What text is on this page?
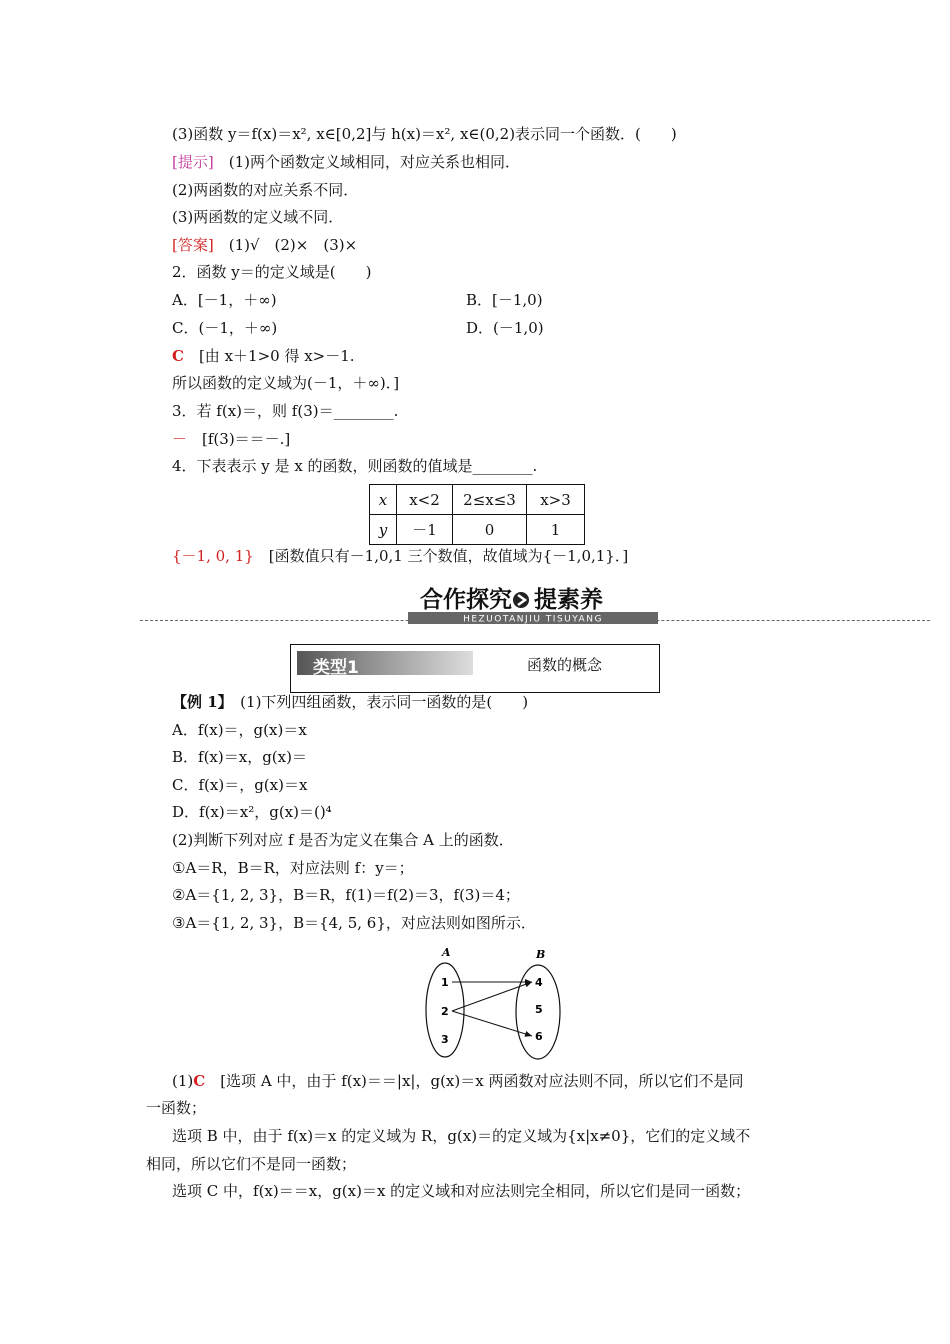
(3)函数 y＝f(x)＝x², x∈[0,2]与 h(x)＝x², x∈(0,2)表示同一个函数．(　　)
[提示]　(1)两个函数定义域相同，对应关系也相同．
(2)两函数的对应关系不同．
(3)两函数的定义域不同．
[答案]　(1)√　(2)×　(3)×
2．函数 y＝的定义域是(　　)
A．[－1，＋∞)	B．[－1,0)
C．(－1，＋∞)	D．(－1,0)
C　[由 x＋1>0 得 x>－1.
所以函数的定义域为(－1，＋∞)．]
3．若 f(x)＝，则 f(3)＝________.
－　[f(3)＝＝－.]
4．下表表示 y 是 x 的函数，则函数的值域是________.
x	x<2	2≤x≤3	x>3
y	－1	0	1
{－1, 0, 1}　[函数值只有－1,0,1 三个数值，故值域为{－1,0,1}．]
合作探究 提素养
HEZUOTANJIU TISUYANG
类型1	函数的概念
【例 1】　(1)下列四组函数，表示同一函数的是(　　)
A．f(x)＝，g(x)＝x
B．f(x)＝x，g(x)＝
C．f(x)＝，g(x)＝x
D．f(x)＝x²，g(x)＝()⁴
(2)判断下列对应 f 是否为定义在集合 A 上的函数．
①A＝R，B＝R，对应法则 f：y＝；
②A＝{1, 2, 3}，B＝R，f(1)＝f(2)＝3，f(3)＝4；
③A＝{1, 2, 3}，B＝{4, 5, 6}，对应法则如图所示．
A	B
1
2
3
4
5
6
(1)C　[选项 A 中，由于 f(x)＝＝|x|，g(x)＝x 两函数对应法则不同，所以它们不是同
一函数；
选项 B 中，由于 f(x)＝x 的定义域为 R，g(x)＝的定义域为{x|x≠0}，它们的定义域不
相同，所以它们不是同一函数；
选项 C 中，f(x)＝＝x，g(x)＝x 的定义域和对应法则完全相同，所以它们是同一函数；
